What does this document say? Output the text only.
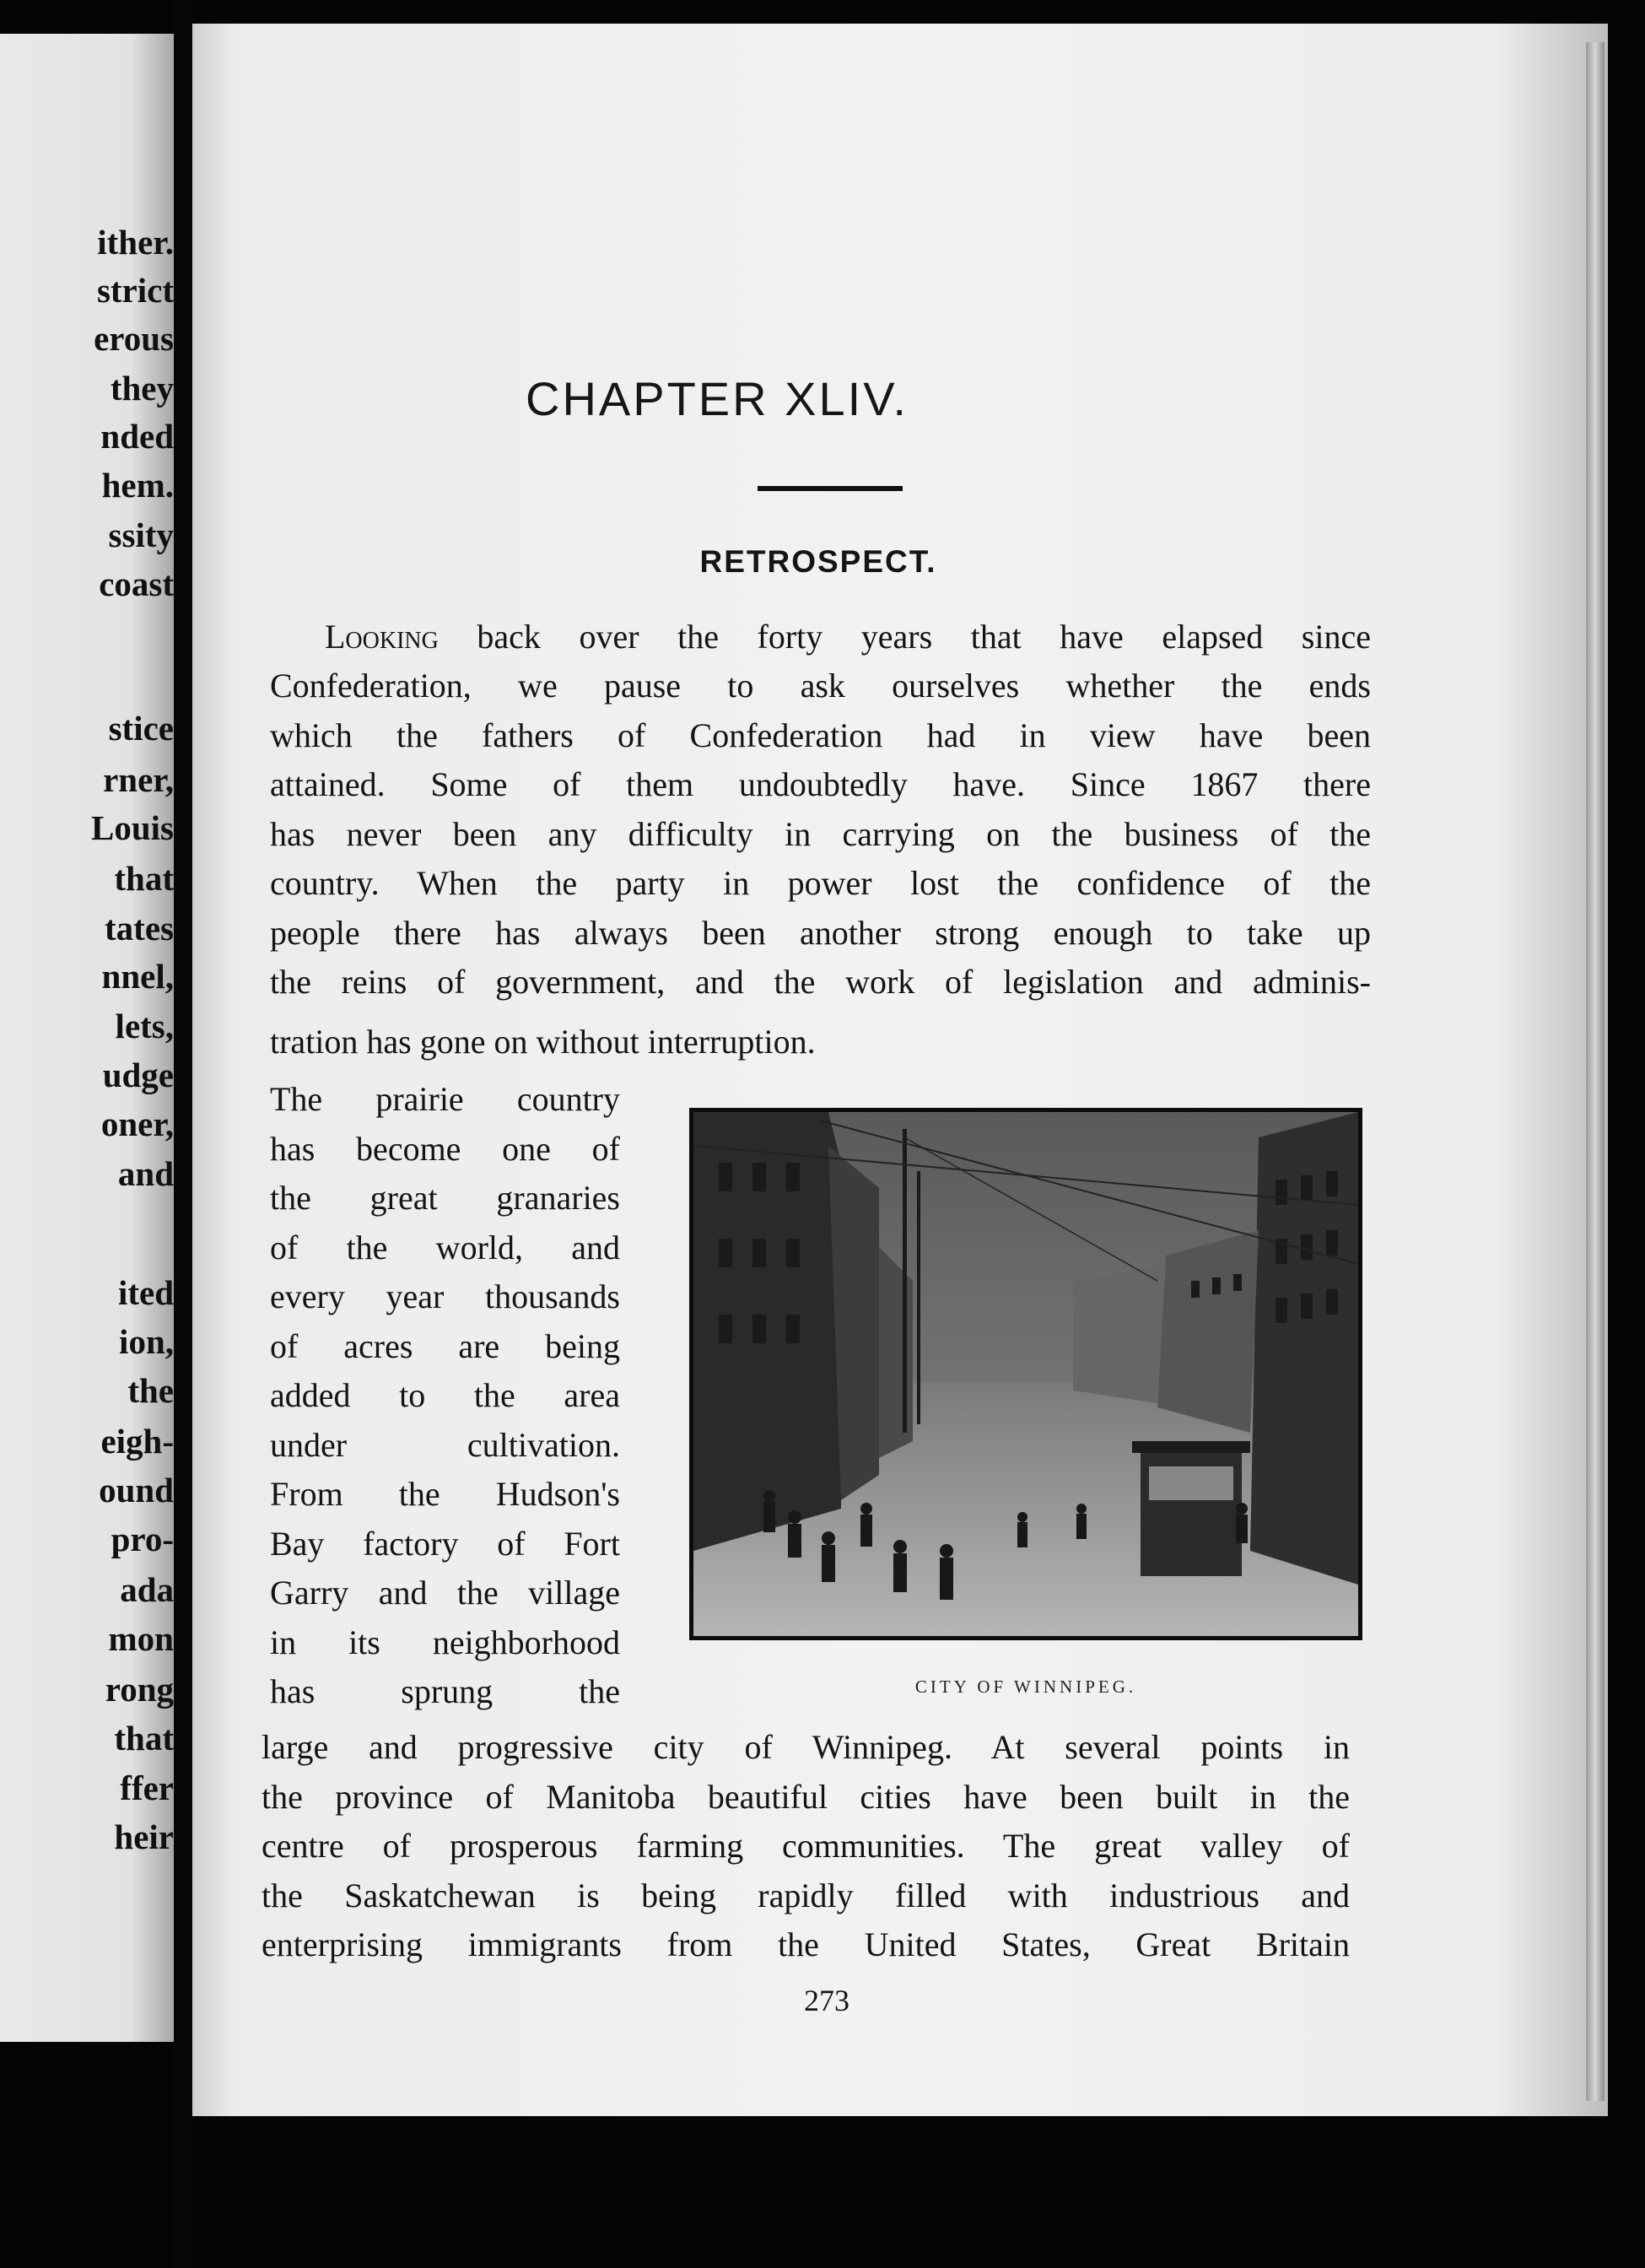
ither.
strict
erous
they
nded
hem.
ssity
coast
stice
rner,
Louis
that
tates
nnel,
lets,
udge
oner,
and
ited
ion,
the
eigh-
ound
pro-
ada
mon
rong
that
ffer
heir
CHAPTER XLIV.
RETROSPECT.
Looking back over the forty years that have elapsed since
Confederation, we pause to ask ourselves whether the ends
which the fathers of Confederation had in view have been
attained. Some of them undoubtedly have. Since 1867 there
has never been any difficulty in carrying on the business of the
country. When the party in power lost the confidence of the
people there has always been another strong enough to take up
the reins of government, and the work of legislation and adminis-
tration has gone on without interruption.
The prairie country
has become one of
the great granaries
of the world, and
every year thousands
of acres are being
added to the area
under cultivation.
From the Hudson's
Bay factory of Fort
Garry and the village
in its neighborhood
has sprung the	CITY OF WINNIPEG.
large and progressive city of Winnipeg. At several points in
the province of Manitoba beautiful cities have been built in the
centre of prosperous farming communities. The great valley of
the Saskatchewan is being rapidly filled with industrious and
enterprising immigrants from the United States, Great Britain
273
